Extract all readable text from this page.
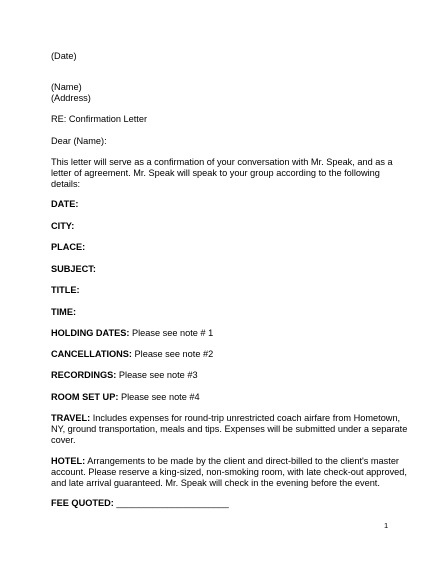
(Date)
(Name)
(Address)
RE: Confirmation Letter
Dear (Name):
This letter will serve as a confirmation of your conversation with Mr. Speak, and as a
letter of agreement. Mr. Speak will speak to your group according to the following
details:
DATE:
CITY:
PLACE:
SUBJECT:
TITLE:
TIME:
HOLDING DATES: Please see note # 1
CANCELLATIONS: Please see note #2
RECORDINGS: Please see note #3
ROOM SET UP: Please see note #4
TRAVEL: Includes expenses for round-trip unrestricted coach airfare from Hometown,
NY, ground transportation, meals and tips. Expenses will be submitted under a separate
cover.
HOTEL: Arrangements to be made by the client and direct-billed to the client's master
account. Please reserve a king-sized, non-smoking room, with late check-out approved,
and late arrival guaranteed. Mr. Speak will check in the evening before the event.
FEE QUOTED: ______________________
1
